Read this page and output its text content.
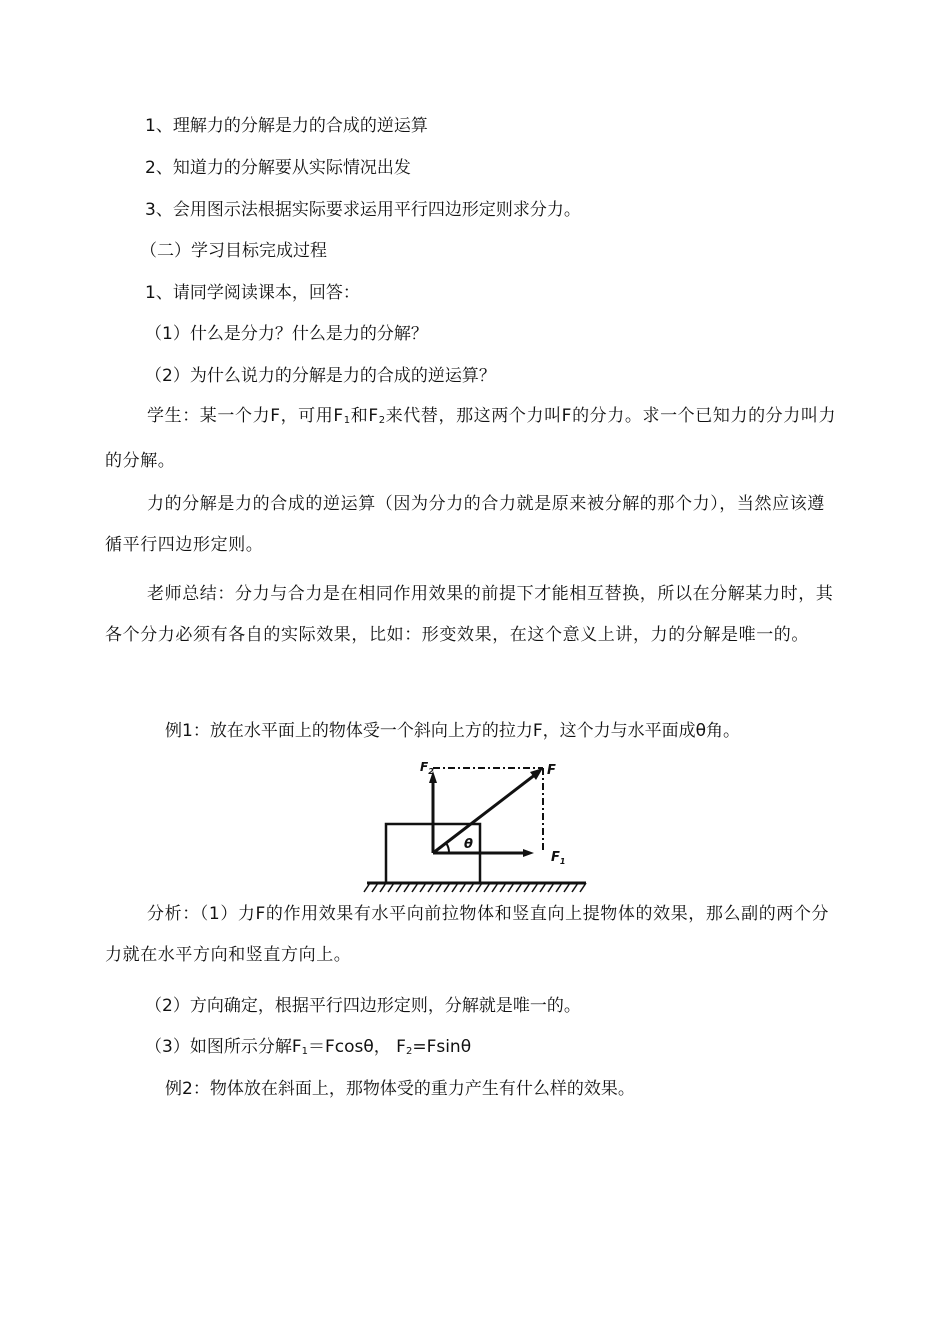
1、理解力的分解是力的合成的逆运算
2、知道力的分解要从实际情况出发
3、会用图示法根据实际要求运用平行四边形定则求分力。
（二）学习目标完成过程
1、请同学阅读课本，回答：
（1）什么是分力？什么是力的分解？
（2）为什么说力的分解是力的合成的逆运算？
学生：某一个力F，可用$F_1$和$F_2$来代替，那这两个力叫F的分力。求一个已知力的分力叫力的分解。
力的分解是力的合成的逆运算（因为分力的合力就是原来被分解的那个力），当然应该遵循平行四边形定则。
老师总结：分力与合力是在相同作用效果的前提下才能相互替换，所以在分解某力时，其各个分力必须有各自的实际效果，比如：形变效果，在这个意义上讲，力的分解是唯一的。
例1：放在水平面上的物体受一个斜向上方的拉力F，这个力与水平面成θ角。
$F_2$	F
$F_1$
θ
分析：（1）力F的作用效果有水平向前拉物体和竖直向上提物体的效果，那么副的两个分力就在水平方向和竖直方向上。
（2）方向确定，根据平行四边形定则，分解就是唯一的。
（3）如图所示分解$F_1=Fcos\theta$， $F_2=Fsin\theta$
例2：物体放在斜面上，那物体受的重力产生有什么样的效果。
